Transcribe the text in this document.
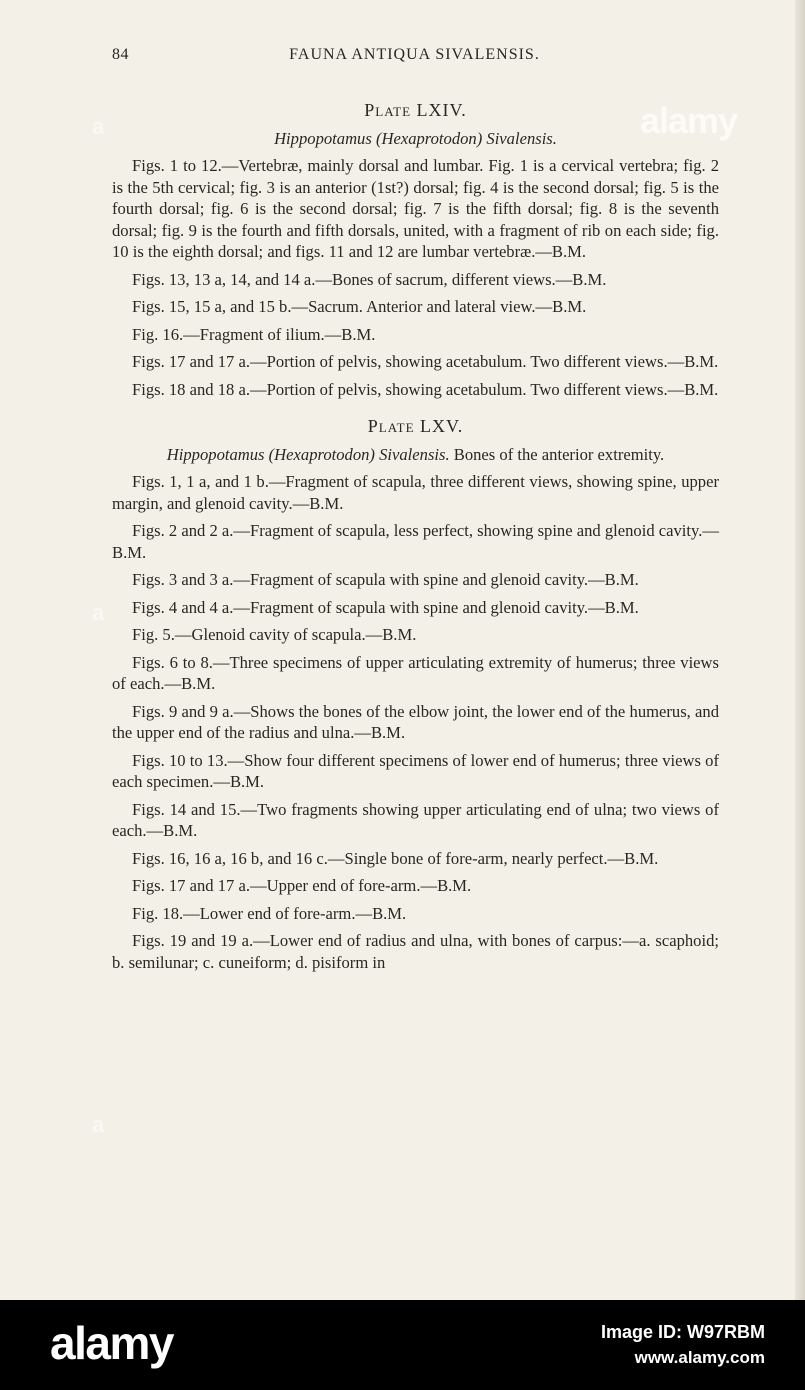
84	FAUNA ANTIQUA SIVALENSIS.
a	alamy
a
a
Plate LXIV.
Hippopotamus (Hexaprotodon) Sivalensis.

Figs. 1 to 12.—Vertebræ, mainly dorsal and lumbar. Fig. 1 is a cervical vertebra; fig. 2 is the 5th cervical; fig. 3 is an anterior (1st?) dorsal; fig. 4 is the second dorsal; fig. 5 is the fourth dorsal; fig. 6 is the second dorsal; fig. 7 is the fifth dorsal; fig. 8 is the seventh dorsal; fig. 9 is the fourth and fifth dorsals, united, with a fragment of rib on each side; fig. 10 is the eighth dorsal; and figs. 11 and 12 are lumbar vertebræ.—B.M.

Figs. 13, 13 a, 14, and 14 a.—Bones of sacrum, different views.—B.M.

Figs. 15, 15 a, and 15 b.—Sacrum. Anterior and lateral view.—B.M.

Fig. 16.—Fragment of ilium.—B.M.

Figs. 17 and 17 a.—Portion of pelvis, showing acetabulum. Two different views.—B.M.

Figs. 18 and 18 a.—Portion of pelvis, showing acetabulum. Two different views.—B.M.

Plate LXV.
Hippopotamus (Hexaprotodon) Sivalensis. Bones of the anterior extremity.

Figs. 1, 1 a, and 1 b.—Fragment of scapula, three different views, showing spine, upper margin, and glenoid cavity.—B.M.

Figs. 2 and 2 a.—Fragment of scapula, less perfect, showing spine and glenoid cavity.—B.M.

Figs. 3 and 3 a.—Fragment of scapula with spine and glenoid cavity.—B.M.

Figs. 4 and 4 a.—Fragment of scapula with spine and glenoid cavity.—B.M.

Fig. 5.—Glenoid cavity of scapula.—B.M.

Figs. 6 to 8.—Three specimens of upper articulating extremity of humerus; three views of each.—B.M.

Figs. 9 and 9 a.—Shows the bones of the elbow joint, the lower end of the humerus, and the upper end of the radius and ulna.—B.M.

Figs. 10 to 13.—Show four different specimens of lower end of humerus; three views of each specimen.—B.M.

Figs. 14 and 15.—Two fragments showing upper articulating end of ulna; two views of each.—B.M.

Figs. 16, 16 a, 16 b, and 16 c.—Single bone of fore-arm, nearly perfect.—B.M.

Figs. 17 and 17 a.—Upper end of fore-arm.—B.M.

Fig. 18.—Lower end of fore-arm.—B.M.

Figs. 19 and 19 a.—Lower end of radius and ulna, with bones of carpus:—a. scaphoid; b. semilunar; c. cuneiform; d. pisiform in

alamy	Image ID: W97RBM
www.alamy.com
